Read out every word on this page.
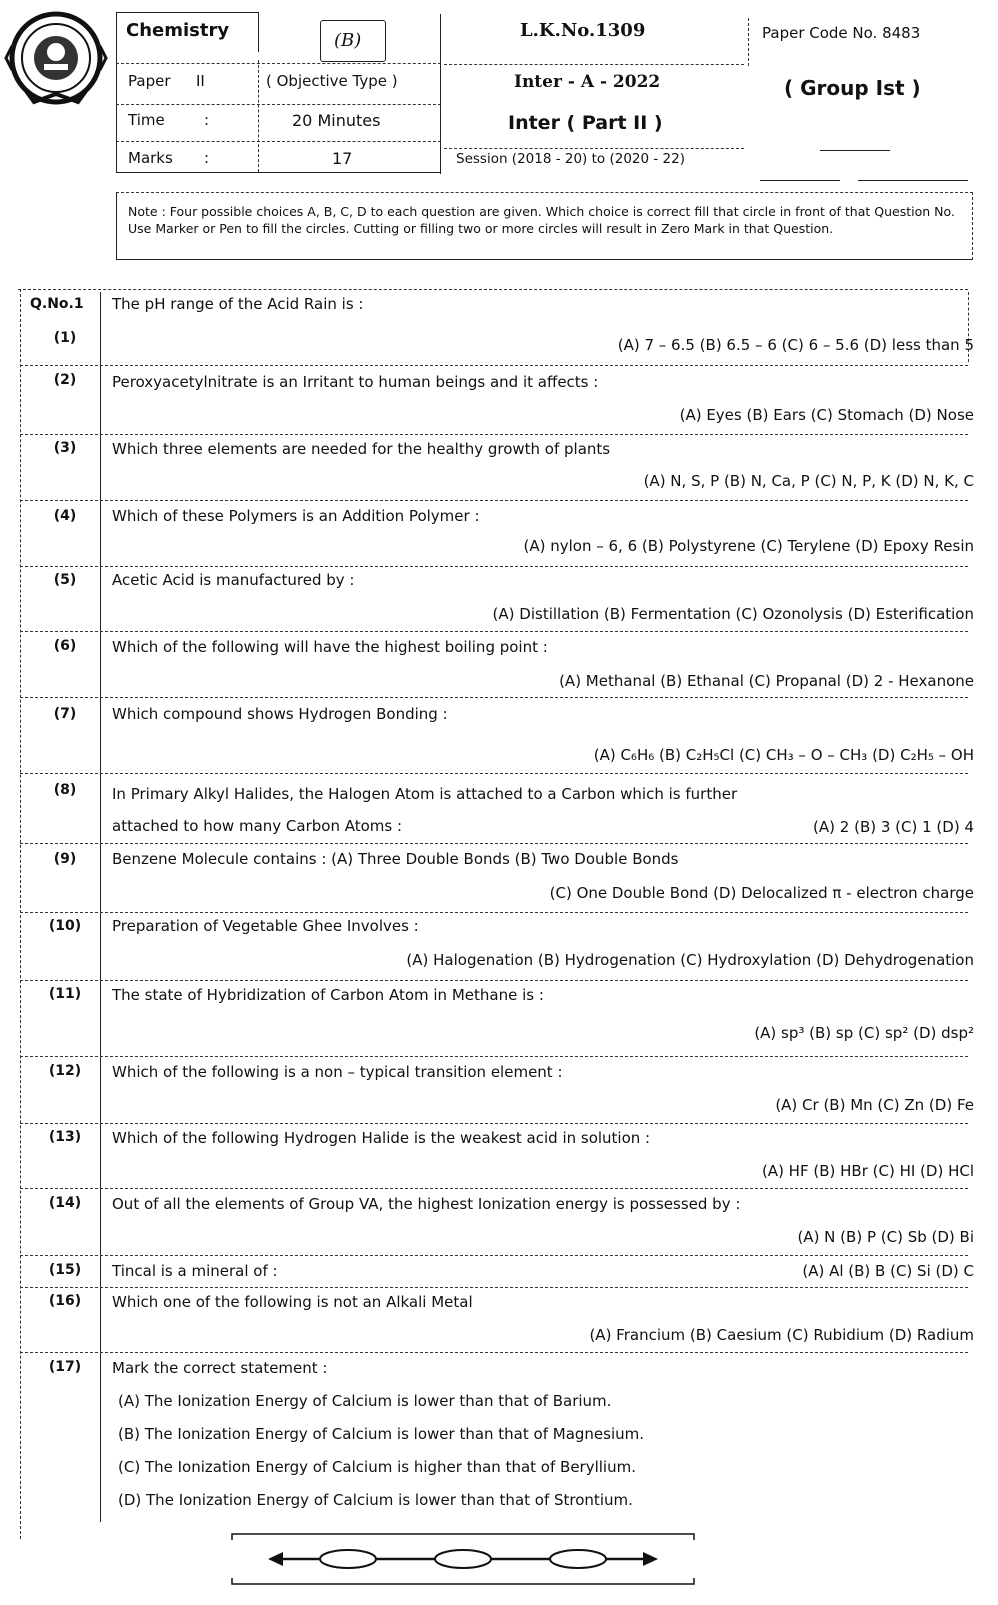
Chemistry	(B)	L.K.No.1309	Paper Code No. 8483
Paper II	( Objective Type )	Inter - A - 2022	( Group Ist )
Time	:	20 Minutes	Inter ( Part II )
Marks :	17	Session (2018 - 20) to (2020 - 22)
Note : Four possible choices A, B, C, D to each question are given. Which choice is correct fill that circle in front of that Question No. Use Marker or Pen to fill the circles. Cutting or filling two or more circles will result in Zero Mark in that Question.
Q.No.1
(1)
The pH range of the Acid Rain is :
(A) 7 – 6.5 (B) 6.5 – 6 (C) 6 – 5.6 (D) less than 5
(2)	Peroxyacetylnitrate is an Irritant to human beings and it affects :
(A) Eyes (B) Ears (C) Stomach (D) Nose
(3)	Which three elements are needed for the healthy growth of plants
(A) N, S, P (B) N, Ca, P (C) N, P, K (D) N, K, C
(4)	Which of these Polymers is an Addition Polymer :
(A) nylon – 6, 6 (B) Polystyrene (C) Terylene (D) Epoxy Resin
(5)	Acetic Acid is manufactured by :
(A) Distillation (B) Fermentation (C) Ozonolysis (D) Esterification
(6)	Which of the following will have the highest boiling point :
(A) Methanal (B) Ethanal (C) Propanal (D) 2 - Hexanone
(7)	Which compound shows Hydrogen Bonding :
(A) C₆H₆ (B) C₂H₅Cl (C) CH₃ – O – CH₃ (D) C₂H₅ – OH
(8)	In Primary Alkyl Halides, the Halogen Atom is attached to a Carbon which is further
attached to how many Carbon Atoms :	(A) 2 (B) 3 (C) 1 (D) 4
(9)	Benzene Molecule contains : (A) Three Double Bonds (B) Two Double Bonds
(C) One Double Bond (D) Delocalized π - electron charge
(10)	Preparation of Vegetable Ghee Involves :
(A) Halogenation (B) Hydrogenation (C) Hydroxylation (D) Dehydrogenation
(11)	The state of Hybridization of Carbon Atom in Methane is :
(A) sp³ (B) sp (C) sp² (D) dsp²
(12)	Which of the following is a non – typical transition element :
(A) Cr (B) Mn (C) Zn (D) Fe
(13)	Which of the following Hydrogen Halide is the weakest acid in solution :
(A) HF (B) HBr (C) HI (D) HCl
(14)	Out of all the elements of Group VA, the highest Ionization energy is possessed by :
(A) N (B) P (C) Sb (D) Bi
(15)	Tincal is a mineral of :	(A) Al (B) B (C) Si (D) C
(16)	Which one of the following is not an Alkali Metal
(A) Francium (B) Caesium (C) Rubidium (D) Radium
(17)	Mark the correct statement :
(A) The Ionization Energy of Calcium is lower than that of Barium.
(B) The Ionization Energy of Calcium is lower than that of Magnesium.
(C) The Ionization Energy of Calcium is higher than that of Beryllium.
(D) The Ionization Energy of Calcium is lower than that of Strontium.
